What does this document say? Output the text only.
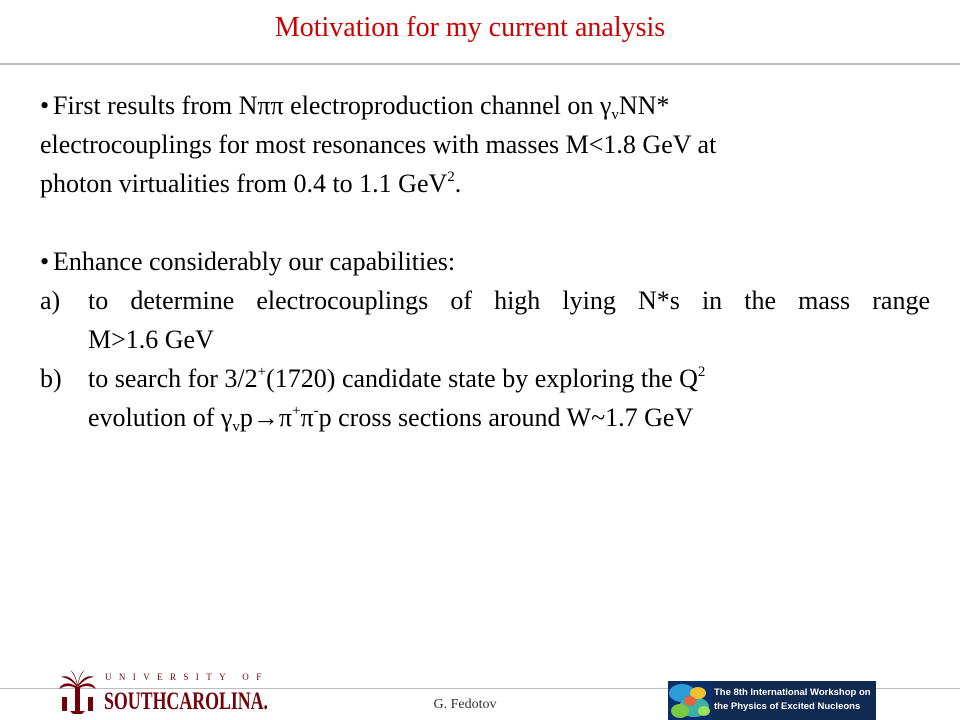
Motivation for my current analysis
• First results from Nππ electroproduction channel on $\gamma_vNN*$
electrocouplings for most resonances with masses M<1.8 GeV at
photon virtualities from 0.4 to 1.1 GeV$^2$.
• Enhance considerably our capabilities:
a)	to determine electrocouplings of high lying N*s in the mass range
M>1.6 GeV
b)	to search for 3/2+(1720) candidate state by exploring the $Q^2$
evolution of $\gamma_vp\to\pi^+\pi^-p$ cross sections around W~1.7 GeV
UNIVERSITY OF
SOUTHCAROLINA.	G. Fedotov
The 8th International Workshop on
the Physics of Excited Nucleons
